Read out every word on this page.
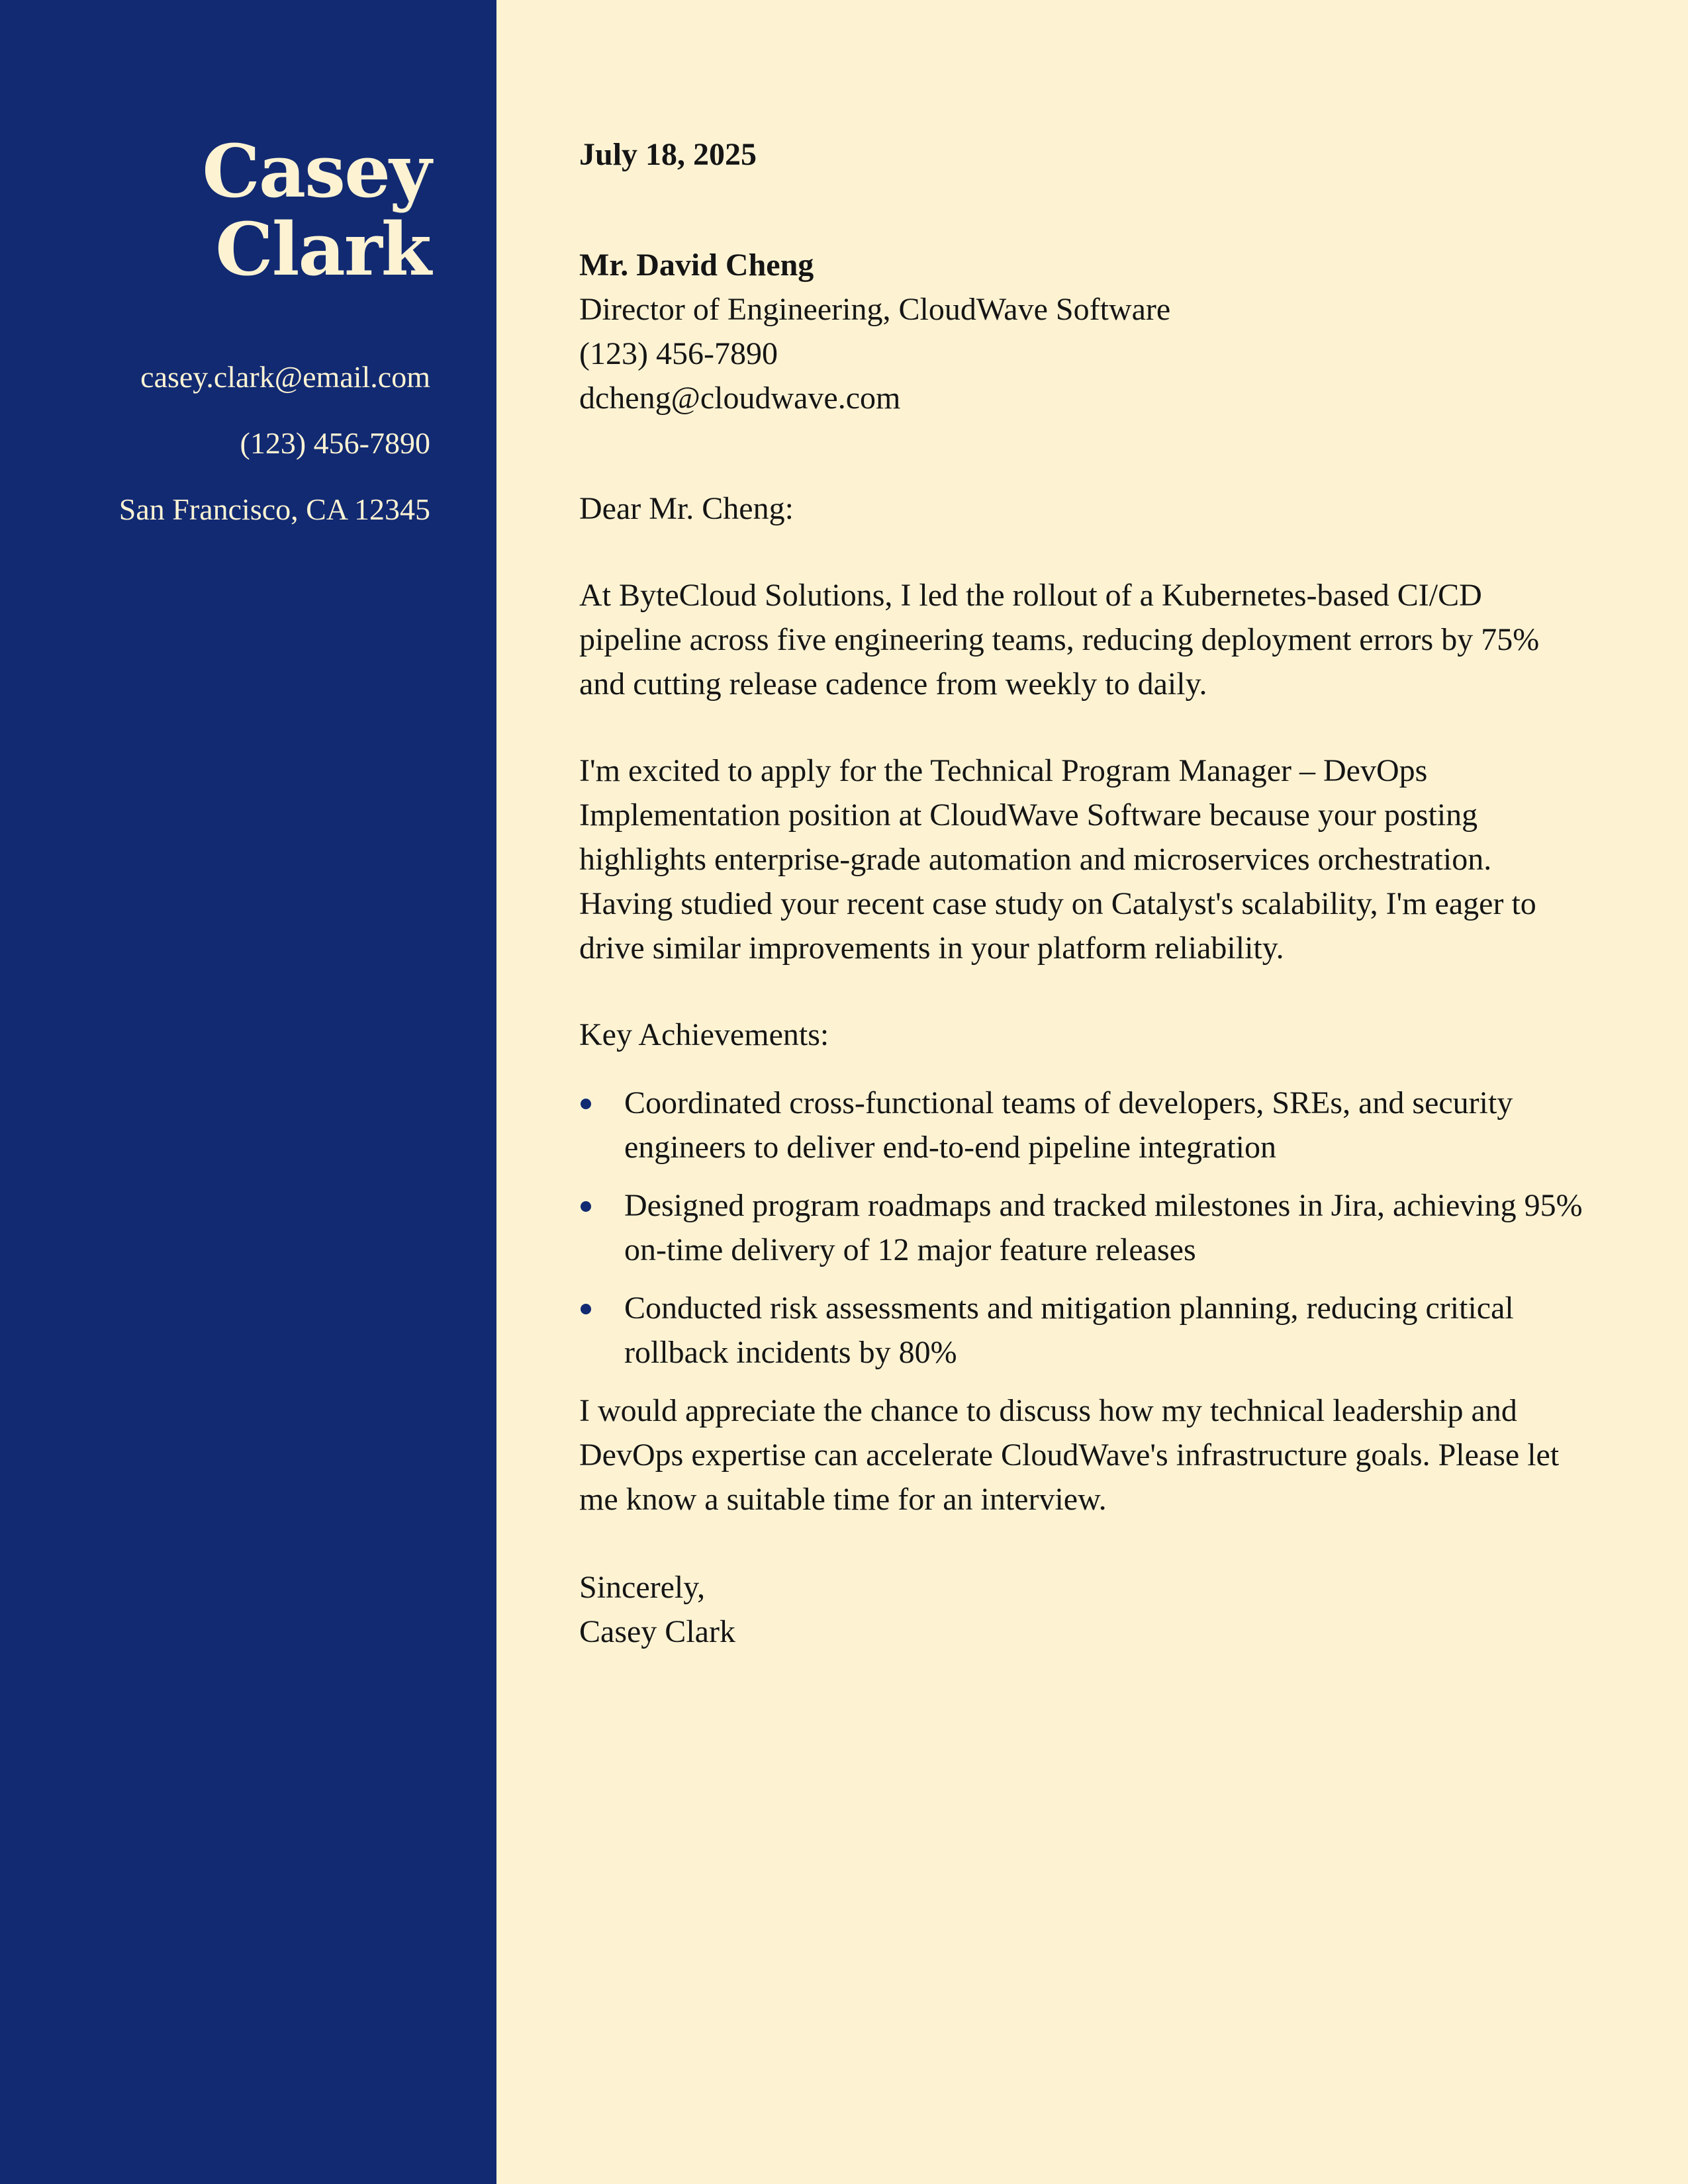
Casey
Clark
casey.clark@email.com
(123) 456-7890
San Francisco, CA 12345
July 18, 2025
Mr. David Cheng
Director of Engineering, CloudWave Software
(123) 456-7890
dcheng@cloudwave.com
Dear Mr. Cheng:
At ByteCloud Solutions, I led the rollout of a Kubernetes-based CI/CD pipeline across five engineering teams, reducing deployment errors by 75% and cutting release cadence from weekly to daily.
I'm excited to apply for the Technical Program Manager – DevOps Implementation position at CloudWave Software because your posting highlights enterprise-grade automation and microservices orchestration. Having studied your recent case study on Catalyst's scalability, I'm eager to drive similar improvements in your platform reliability.
Key Achievements:
Coordinated cross-functional teams of developers, SREs, and security engineers to deliver end-to-end pipeline integration
Designed program roadmaps and tracked milestones in Jira, achieving 95% on-time delivery of 12 major feature releases
Conducted risk assessments and mitigation planning, reducing critical rollback incidents by 80%
I would appreciate the chance to discuss how my technical leadership and DevOps expertise can accelerate CloudWave's infrastructure goals. Please let me know a suitable time for an interview.
Sincerely,
Casey Clark
